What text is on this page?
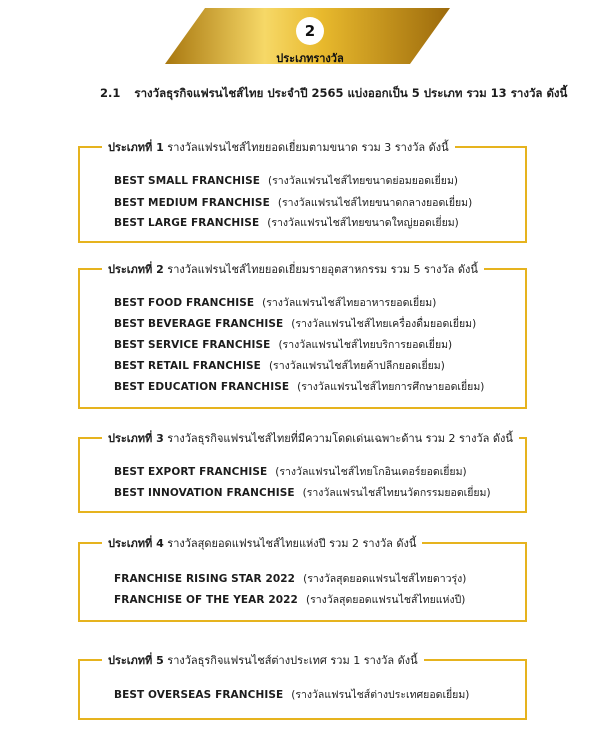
2
ประเภทรางวัล
2.1 รางวัลธุรกิจแฟรนไชส์ไทย ประจำปี 2565 แบ่งออกเป็น 5 ประเภท รวม 13 รางวัล ดังนี้
ประเภทที่ 1 รางวัลแฟรนไชส์ไทยยอดเยี่ยมตามขนาด รวม 3 รางวัล ดังนี้
BEST SMALL FRANCHISE (รางวัลแฟรนไชส์ไทยขนาดย่อมยอดเยี่ยม)
BEST MEDIUM FRANCHISE (รางวัลแฟรนไชส์ไทยขนาดกลางยอดเยี่ยม)
BEST LARGE FRANCHISE (รางวัลแฟรนไชส์ไทยขนาดใหญ่ยอดเยี่ยม)
ประเภทที่ 2 รางวัลแฟรนไชส์ไทยยอดเยี่ยมรายอุตสาหกรรม รวม 5 รางวัล ดังนี้
BEST FOOD FRANCHISE (รางวัลแฟรนไชส์ไทยอาหารยอดเยี่ยม)
BEST BEVERAGE FRANCHISE (รางวัลแฟรนไชส์ไทยเครื่องดื่มยอดเยี่ยม)
BEST SERVICE FRANCHISE (รางวัลแฟรนไชส์ไทยบริการยอดเยี่ยม)
BEST RETAIL FRANCHISE (รางวัลแฟรนไชส์ไทยค้าปลีกยอดเยี่ยม)
BEST EDUCATION FRANCHISE (รางวัลแฟรนไชส์ไทยการศึกษายอดเยี่ยม)
ประเภทที่ 3 รางวัลธุรกิจแฟรนไชส์ไทยที่มีความโดดเด่นเฉพาะด้าน รวม 2 รางวัล ดังนี้
BEST EXPORT FRANCHISE (รางวัลแฟรนไชส์ไทยโกอินเตอร์ยอดเยี่ยม)
BEST INNOVATION FRANCHISE (รางวัลแฟรนไชส์ไทยนวัตกรรมยอดเยี่ยม)
ประเภทที่ 4 รางวัลสุดยอดแฟรนไชส์ไทยแห่งปี รวม 2 รางวัล ดังนี้
FRANCHISE RISING STAR 2022 (รางวัลสุดยอดแฟรนไชส์ไทยดาวรุ่ง)
FRANCHISE OF THE YEAR 2022 (รางวัลสุดยอดแฟรนไชส์ไทยแห่งปี)
ประเภทที่ 5 รางวัลธุรกิจแฟรนไชส์ต่างประเทศ รวม 1 รางวัล ดังนี้
BEST OVERSEAS FRANCHISE (รางวัลแฟรนไชส์ต่างประเทศยอดเยี่ยม)
